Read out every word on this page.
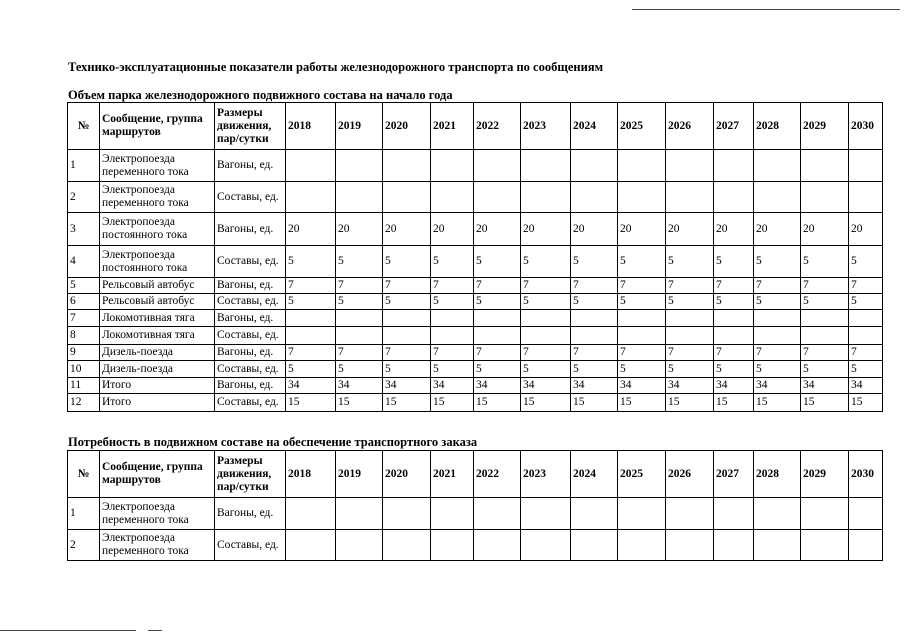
Технико-эксплуатационные показатели работы железнодорожного транспорта по сообщениям
Объем парка железнодорожного подвижного состава на начало года
№	Сообщение, группа маршрутов	Размеры движения, пар/сутки	2018	2019	2020	2021	2022	2023	2024	2025	2026	2027	2028	2029	2030
1	Электропоезда переменного тока	Вагоны, ед.													
2	Электропоезда переменного тока	Составы, ед.													
3	Электропоезда постоянного тока	Вагоны, ед.	20	20	20	20	20	20	20	20	20	20	20	20	20
4	Электропоезда постоянного тока	Составы, ед.	5	5	5	5	5	5	5	5	5	5	5	5	5
5	Рельсовый автобус	Вагоны, ед.	7	7	7	7	7	7	7	7	7	7	7	7	7
6	Рельсовый автобус	Составы, ед.	5	5	5	5	5	5	5	5	5	5	5	5	5
7	Локомотивная тяга	Вагоны, ед.													
8	Локомотивная тяга	Составы, ед.													
9	Дизель-поезда	Вагоны, ед.	7	7	7	7	7	7	7	7	7	7	7	7	7
10	Дизель-поезда	Составы, ед.	5	5	5	5	5	5	5	5	5	5	5	5	5
11	Итого	Вагоны, ед.	34	34	34	34	34	34	34	34	34	34	34	34	34
12	Итого	Составы, ед.	15	15	15	15	15	15	15	15	15	15	15	15	15
Потребность в подвижном составе на обеспечение транспортного заказа
№	Сообщение, группа маршрутов	Размеры движения, пар/сутки	2018	2019	2020	2021	2022	2023	2024	2025	2026	2027	2028	2029	2030
1	Электропоезда переменного тока	Вагоны, ед.													
2	Электропоезда переменного тока	Составы, ед.													
